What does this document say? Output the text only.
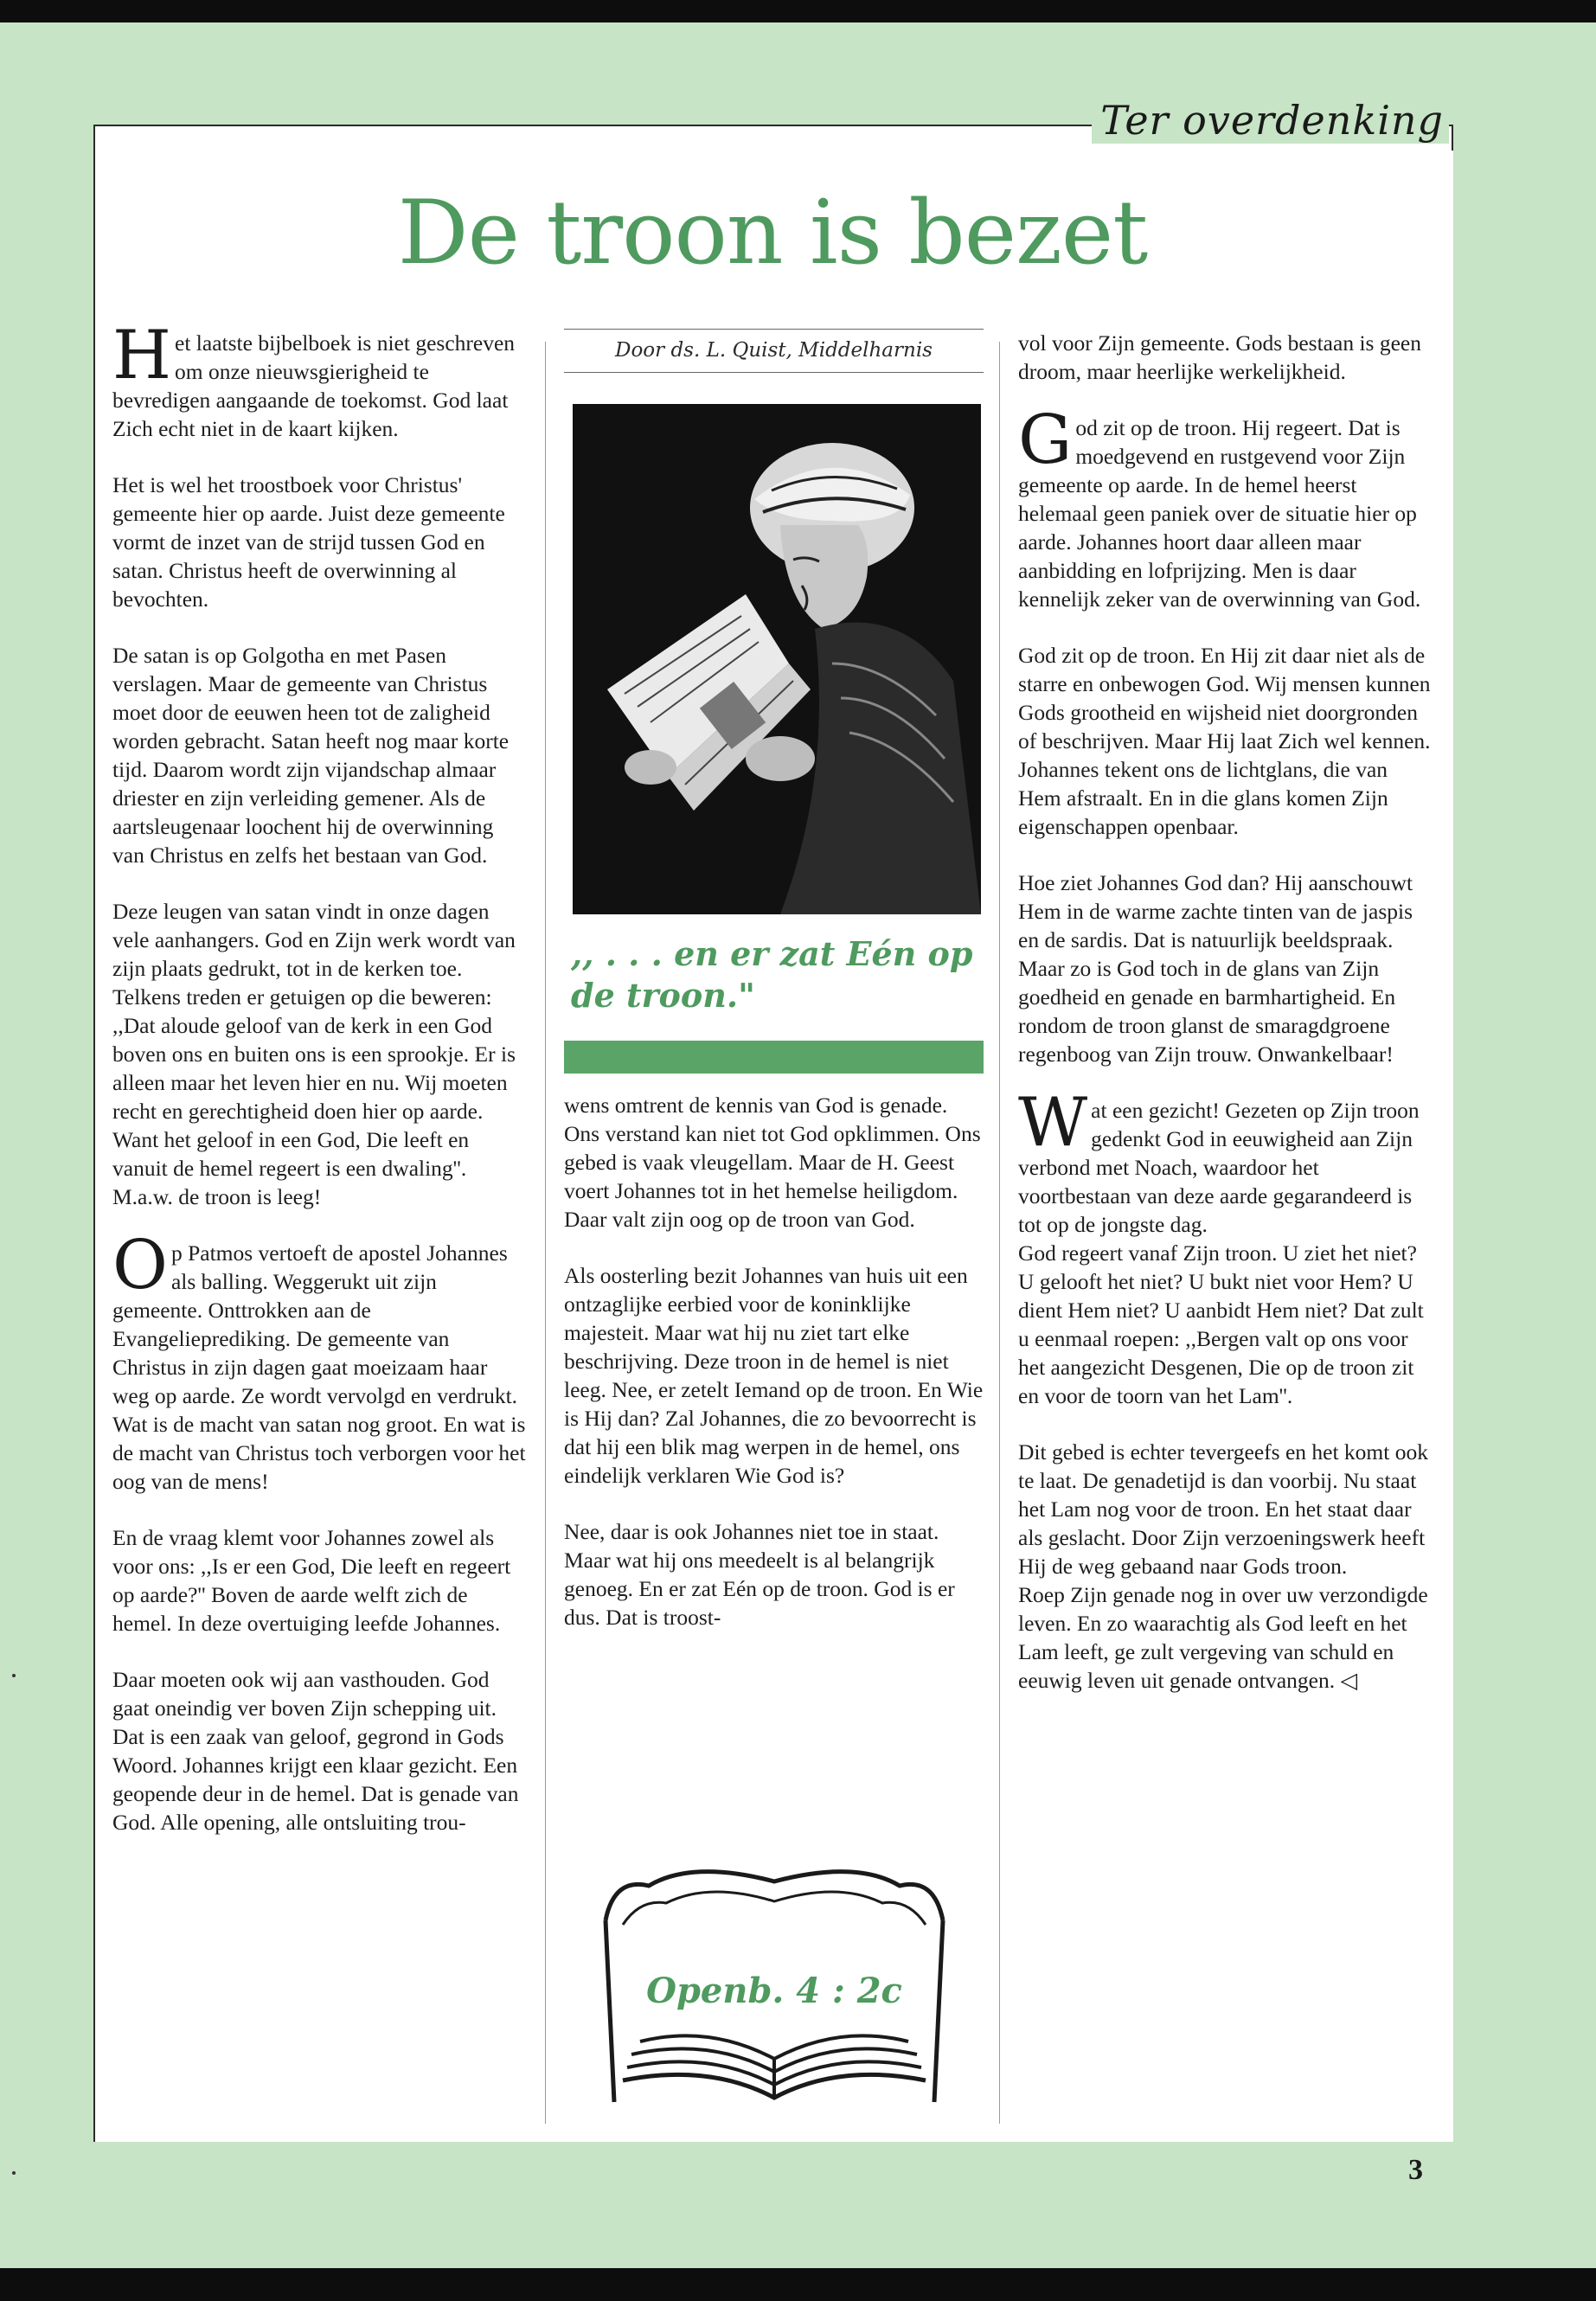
Ter overdenking
De troon is bezet

Het laatste bijbelboek is niet geschreven om onze nieuwsgierigheid te bevredigen aangaande de toekomst. God laat Zich echt niet in de kaart kijken.

Het is wel het troostboek voor Christus' gemeente hier op aarde. Juist deze gemeente vormt de inzet van de strijd tussen God en satan. Christus heeft de overwinning al bevochten.

De satan is op Golgotha en met Pasen verslagen. Maar de gemeente van Christus moet door de eeuwen heen tot de zaligheid worden gebracht. Satan heeft nog maar korte tijd. Daarom wordt zijn vijandschap almaar driester en zijn verleiding gemener. Als de aartsleugenaar loochent hij de overwinning van Christus en zelfs het bestaan van God.

Deze leugen van satan vindt in onze dagen vele aanhangers. God en Zijn werk wordt van zijn plaats gedrukt, tot in de kerken toe. Telkens treden er getuigen op die beweren: ,,Dat aloude geloof van de kerk in een God boven ons en buiten ons is een sprookje. Er is alleen maar het leven hier en nu. Wij moeten recht en gerechtigheid doen hier op aarde. Want het geloof in een God, Die leeft en vanuit de hemel regeert is een dwaling''. M.a.w. de troon is leeg!

Op Patmos vertoeft de apostel Johannes als balling. Weggerukt uit zijn gemeente. Onttrokken aan de Evangelieprediking. De gemeente van Christus in zijn dagen gaat moeizaam haar weg op aarde. Ze wordt vervolgd en verdrukt. Wat is de macht van satan nog groot. En wat is de macht van Christus toch verborgen voor het oog van de mens!

En de vraag klemt voor Johannes zowel als voor ons: ,,Is er een God, Die leeft en regeert op aarde?'' Boven de aarde welft zich de hemel. In deze overtuiging leefde Johannes.

Daar moeten ook wij aan vasthouden. God gaat oneindig ver boven Zijn schepping uit. Dat is een zaak van geloof, gegrond in Gods Woord. Johannes krijgt een klaar gezicht. Een geopende deur in de hemel. Dat is genade van God. Alle opening, alle ontsluiting trou-

Door ds. L. Quist, Middelharnis
,, . . . en er zat Eén op de troon."

wens omtrent de kennis van God is genade. Ons verstand kan niet tot God opklimmen. Ons gebed is vaak vleugellam. Maar de H. Geest voert Johannes tot in het hemelse heiligdom. Daar valt zijn oog op de troon van God.

Als oosterling bezit Johannes van huis uit een ontzaglijke eerbied voor de koninklijke majesteit. Maar wat hij nu ziet tart elke beschrijving. Deze troon in de hemel is niet leeg. Nee, er zetelt Iemand op de troon. En Wie is Hij dan? Zal Johannes, die zo bevoorrecht is dat hij een blik mag werpen in de hemel, ons eindelijk verklaren Wie God is?

Nee, daar is ook Johannes niet toe in staat. Maar wat hij ons meedeelt is al belangrijk genoeg. En er zat Eén op de troon. God is er dus. Dat is troost-

Openb. 4 : 2c

vol voor Zijn gemeente. Gods bestaan is geen droom, maar heerlijke werkelijkheid.

God zit op de troon. Hij regeert. Dat is moedgevend en rustgevend voor Zijn gemeente op aarde. In de hemel heerst helemaal geen paniek over de situatie hier op aarde. Johannes hoort daar alleen maar aanbidding en lofprijzing. Men is daar kennelijk zeker van de overwinning van God.

God zit op de troon. En Hij zit daar niet als de starre en onbewogen God. Wij mensen kunnen Gods grootheid en wijsheid niet doorgronden of beschrijven. Maar Hij laat Zich wel kennen. Johannes tekent ons de lichtglans, die van Hem afstraalt. En in die glans komen Zijn eigenschappen openbaar.

Hoe ziet Johannes God dan? Hij aanschouwt Hem in de warme zachte tinten van de jaspis en de sardis. Dat is natuurlijk beeldspraak. Maar zo is God toch in de glans van Zijn goedheid en genade en barmhartigheid. En rondom de troon glanst de smaragdgroene regenboog van Zijn trouw. Onwankelbaar!

Wat een gezicht! Gezeten op Zijn troon gedenkt God in eeuwigheid aan Zijn verbond met Noach, waardoor het voortbestaan van deze aarde gegarandeerd is tot op de jongste dag.

God regeert vanaf Zijn troon. U ziet het niet? U gelooft het niet? U bukt niet voor Hem? U dient Hem niet? U aanbidt Hem niet? Dat zult u eenmaal roepen: ,,Bergen valt op ons voor het aangezicht Desgenen, Die op de troon zit en voor de toorn van het Lam''.

Dit gebed is echter tevergeefs en het komt ook te laat. De genadetijd is dan voorbij. Nu staat het Lam nog voor de troon. En het staat daar als geslacht. Door Zijn verzoeningswerk heeft Hij de weg gebaand naar Gods troon.

Roep Zijn genade nog in over uw verzondigde leven. En zo waarachtig als God leeft en het Lam leeft, ge zult vergeving van schuld en eeuwig leven uit genade ontvangen. ◁

3
